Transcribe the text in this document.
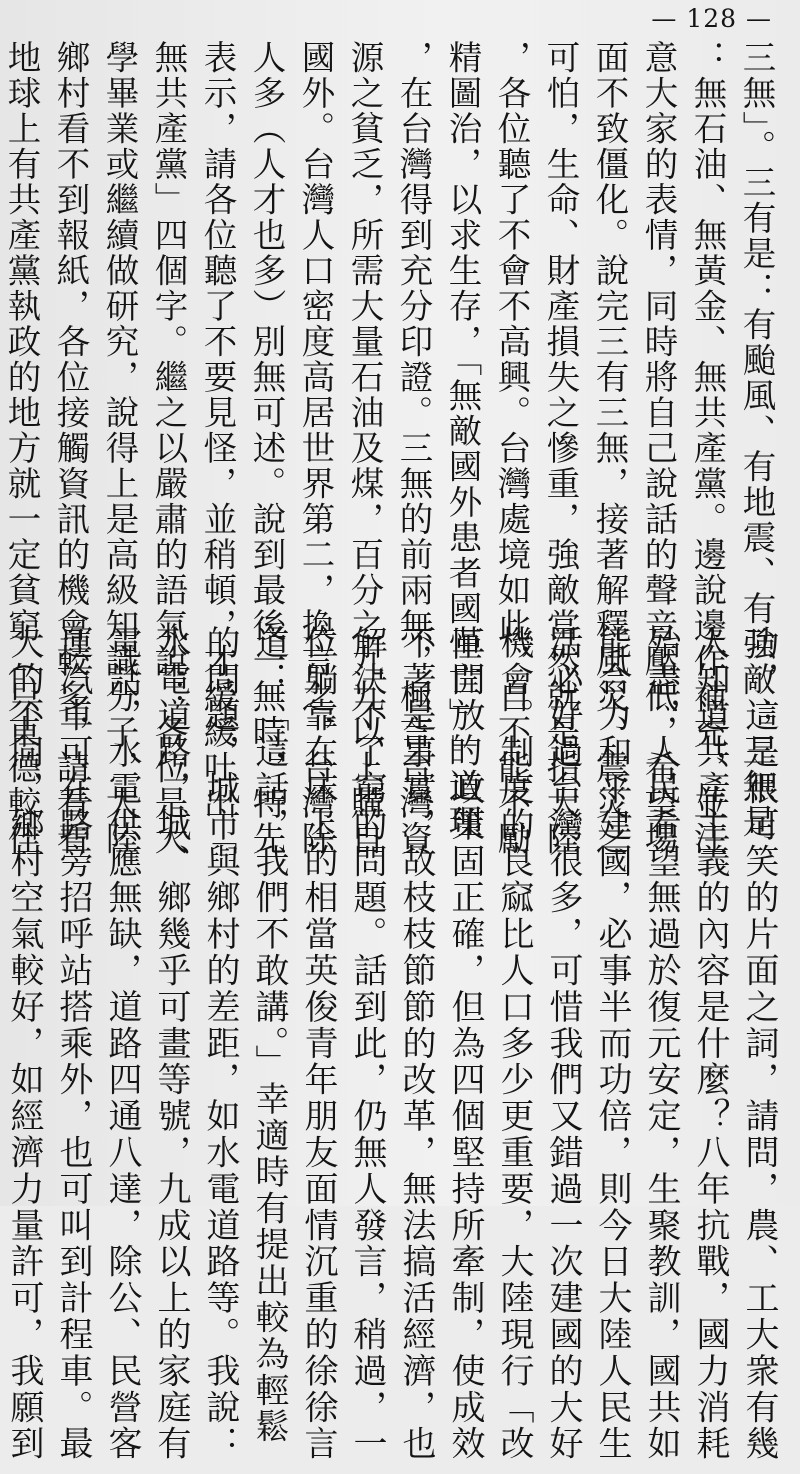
— 128 —
三無」。三有是：有颱風、有地震、有強敵；三無是
：無石油、無黃金、無共產黨。邊說邊作補充，並注
意大家的表情，同時將自己說話的聲音壓低，希望場
面不致僵化。說完三有三無，接著解釋風災、震災之
可怕，生命、財產損失之慘重，強敵當然就是指大陸
，各位聽了不會不高興。台灣處境如此，自不能不勵
精圖治，以求生存，「無敵國外患者國恒亡」的道理
，在台灣得到充分印證。三無的前兩無，極言台灣資
源之貧乏，所需大量石油及煤，百分之九九以上購自
國外。台灣人口密度高居世界第二，換言之，台灣除
人多（人才也多）別無可述。說到最後一無時，特先
表示，請各位聽了不要見怪，並稍頓，才緩緩吐出「
無共產黨」四個字。繼之以嚴肅的語氣說：各位是大
學畢業或繼續做研究，說得上是高級知識分子，大陸
鄉村看不到報紙，各位接觸資訊的機會較多，請看看
地球上有共產黨執政的地方就一定貧窮（只東德較佳
功，這是很可笑的片面之詞，請問，農、工大衆有幾
人知道共產主義的內容是什麼？八年抗戰，國力消耗
殆盡，人民希望無過於復元安定，生聚教訓，國共如
能合力和平建國，必事半而功倍，則今日大陸人民生
活必好過台灣很多，可惜我們又錯過一次建國的大好
機會。制度的良窳比人口多少更重要，大陸現行「改
革開放」政策固正確，但為四個堅持所牽制，使成效
不著是事實，故枝枝節節的改革，無法搞活經濟，也
解決不了窮的問題。話到此，仍無人發言，稍過，一
位躺靠在床上的相當英俊青年朋友面情沉重的徐徐言
道：「這話，我們不敢講。」幸適時有提出較為輕鬆
的問題，城市與鄉村的差距，如水電道路等。我說：
水電道路，城、鄉幾乎可畫等號，九成以上的家庭有
電話，水電供應無缺，道路四通八達，除公、民營客
運汽車可在路旁招呼站搭乘外，也可叫到計程車。最
大的不同，鄉村空氣較好，如經濟力量許可，我願到
